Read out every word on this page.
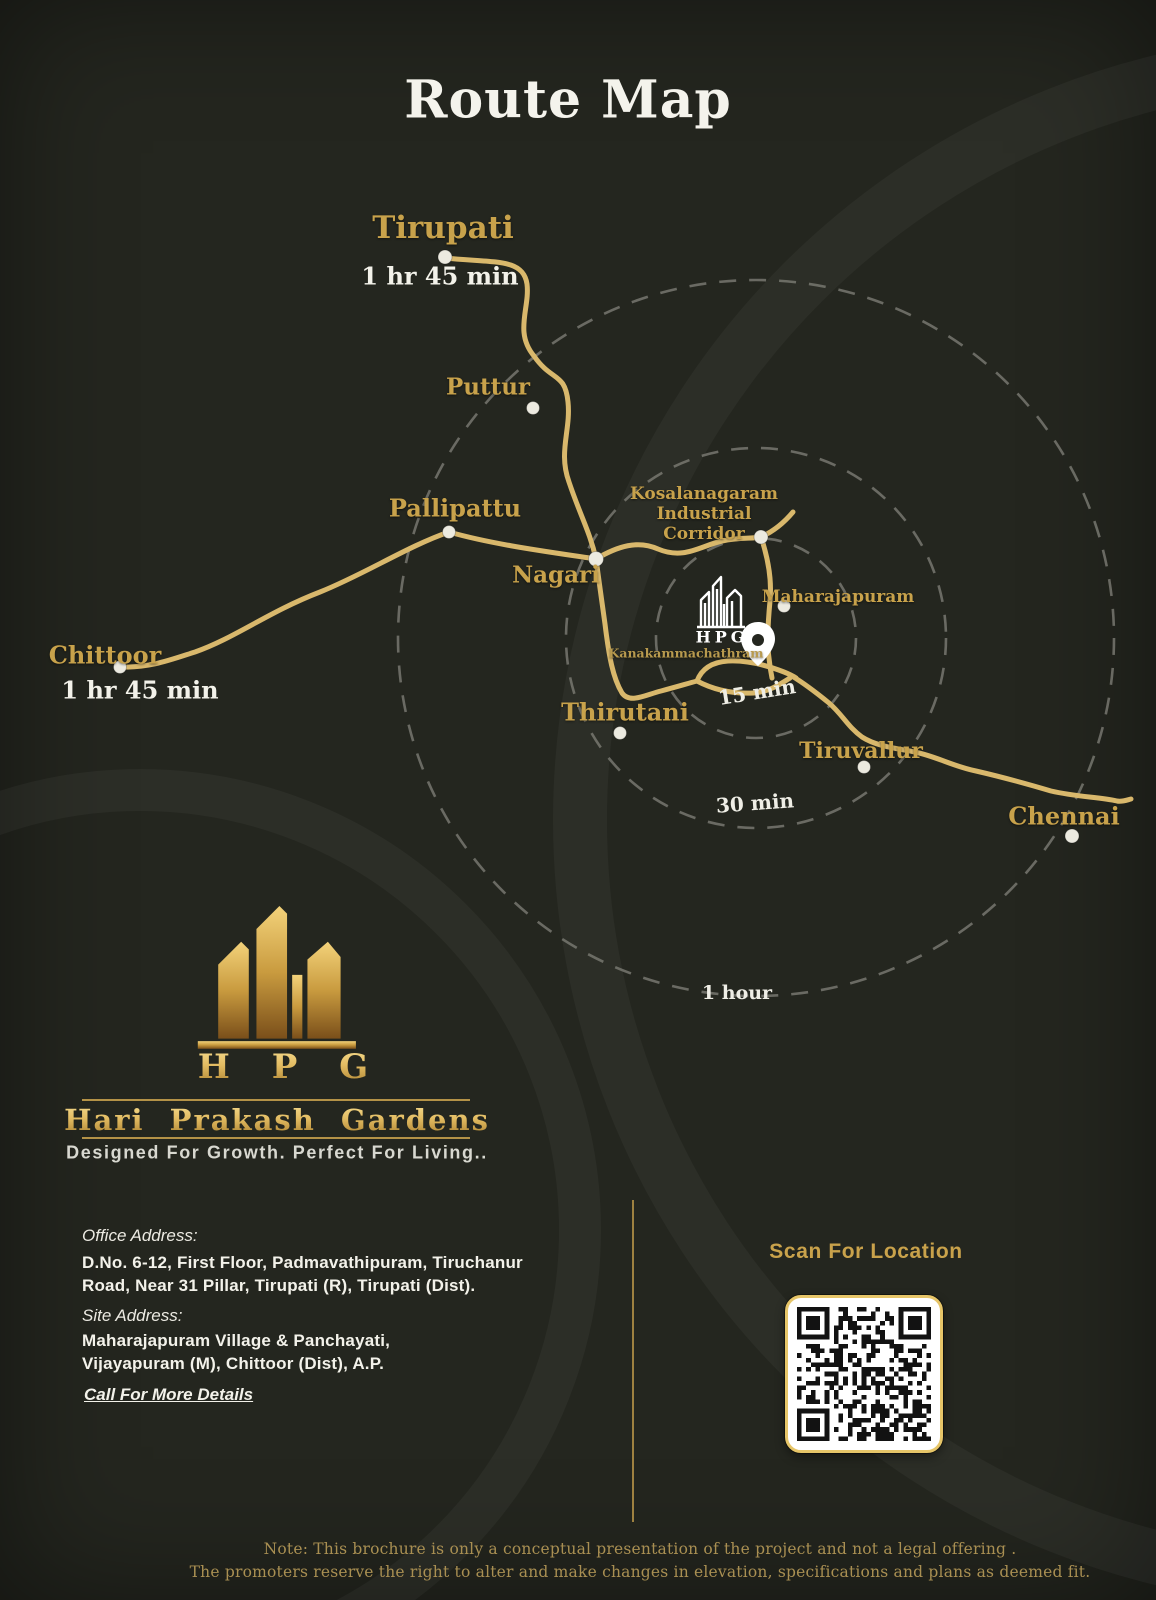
Route Map
Tirupati
1 hr 45 min
Puttur
Pallipattu
Nagari
Kosalanagaram Industrial Corridor
Maharajapuram
Kanakammachathram
Thirutani
Tiruvallur
Chennai
Chittoor
1 hr 45 min	15 min
30 min
1 hour
HPG
H P G
Hari Prakash Gardens
Designed For Growth. Perfect For Living..
Office Address:
D.No. 6-12, First Floor, Padmavathipuram, Tiruchanur Road, Near 31 Pillar, Tirupati (R), Tirupati (Dist).
Site Address:
Maharajapuram Village & Panchayati, Vijayapuram (M), Chittoor (Dist), A.P.
Call For More Details
Scan For Location
Note: This brochure is only a conceptual presentation of the project and not a legal offering .
The promoters reserve the right to alter and make changes in elevation, specifications and plans as deemed fit.
